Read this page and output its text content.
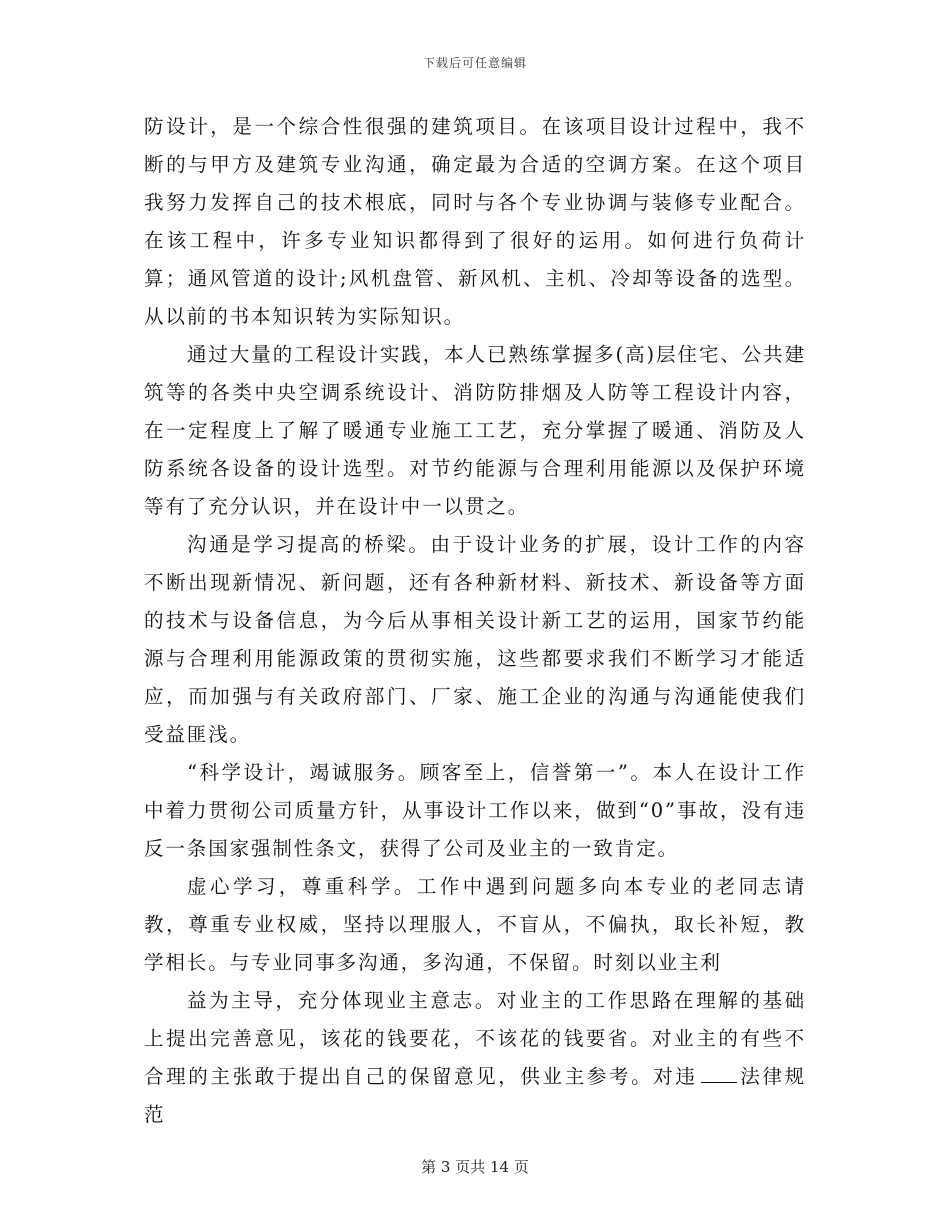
下载后可任意编辑

防设计，是一个综合性很强的建筑项目。在该项目设计过程中，我不断的与甲方及建筑专业沟通，确定最为合适的空调方案。在这个项目我努力发挥自己的技术根底，同时与各个专业协调与装修专业配合。在该工程中，许多专业知识都得到了很好的运用。如何进行负荷计算；通风管道的设计;风机盘管、新风机、主机、冷却等设备的选型。从以前的书本知识转为实际知识。

通过大量的工程设计实践，本人已熟练掌握多(高)层住宅、公共建筑等的各类中央空调系统设计、消防防排烟及人防等工程设计内容，在一定程度上了解了暖通专业施工工艺，充分掌握了暖通、消防及人防系统各设备的设计选型。对节约能源与合理利用能源以及保护环境等有了充分认识，并在设计中一以贯之。

沟通是学习提高的桥梁。由于设计业务的扩展，设计工作的内容不断出现新情况、新问题，还有各种新材料、新技术、新设备等方面的技术与设备信息，为今后从事相关设计新工艺的运用，国家节约能源与合理利用能源政策的贯彻实施，这些都要求我们不断学习才能适应，而加强与有关政府部门、厂家、施工企业的沟通与沟通能使我们受益匪浅。

“科学设计，竭诚服务。顾客至上，信誉第一”。本人在设计工作中着力贯彻公司质量方针，从事设计工作以来，做到“0”事故，没有违反一条国家强制性条文，获得了公司及业主的一致肯定。

虚心学习，尊重科学。工作中遇到问题多向本专业的老同志请教，尊重专业权威，坚持以理服人，不盲从，不偏执，取长补短，教学相长。与专业同事多沟通，多沟通，不保留。时刻以业主利

益为主导，充分体现业主意志。对业主的工作思路在理解的基础上提出完善意见，该花的钱要花，不该花的钱要省。对业主的有些不合理的主张敢于提出自己的保留意见，供业主参考。对违 法律规范

第 3 页共 14 页
